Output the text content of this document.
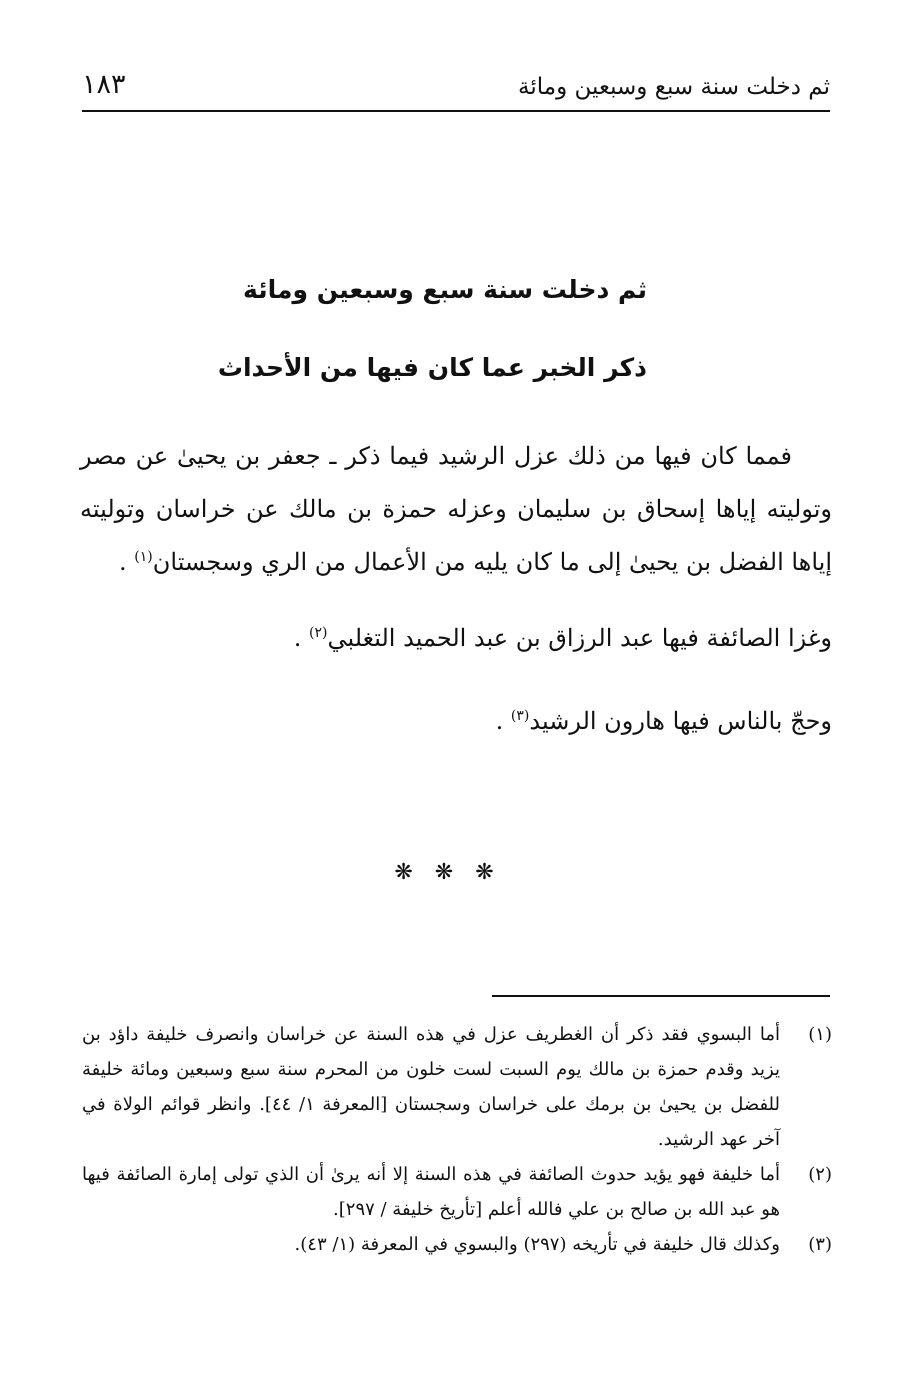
ثم دخلت سنة سبع وسبعين ومائة
١٨٣
ثم دخلت سنة سبع وسبعين ومائة
ذكر الخبر عما كان فيها من الأحداث
فمما كان فيها من ذلك عزل الرشيد فيما ذكر ـ جعفر بن يحيىٰ عن مصر وتوليته إياها إسحاق بن سليمان وعزله حمزة بن مالك عن خراسان وتوليته إياها الفضل بن يحيىٰ إلى ما كان يليه من الأعمال من الري وسجستان$^{(١)}$ .
وغزا الصائفة فيها عبد الرزاق بن عبد الحميد التغلبي$^{(٢)}$ .
وحجّ بالناس فيها هارون الرشيد$^{(٣)}$ .
❋❋❋
(١)
أما البسوي فقد ذكر أن الغطريف عزل في هذه السنة عن خراسان وانصرف خليفة داؤد بن يزيد وقدم حمزة بن مالك يوم السبت لست خلون من المحرم سنة سبع وسبعين ومائة خليفة للفضل بن يحيىٰ بن برمك على خراسان وسجستان [المعرفة ١/ ٤٤]. وانظر قوائم الولاة في آخر عهد الرشيد.
(٢)
أما خليفة فهو يؤيد حدوث الصائفة في هذه السنة إلا أنه يرىٰ أن الذي تولى إمارة الصائفة فيها هو عبد الله بن صالح بن علي فالله أعلم [تأريخ خليفة / ٢٩٧].
(٣)
وكذلك قال خليفة في تأريخه (٢٩٧) والبسوي في المعرفة (١/ ٤٣).
